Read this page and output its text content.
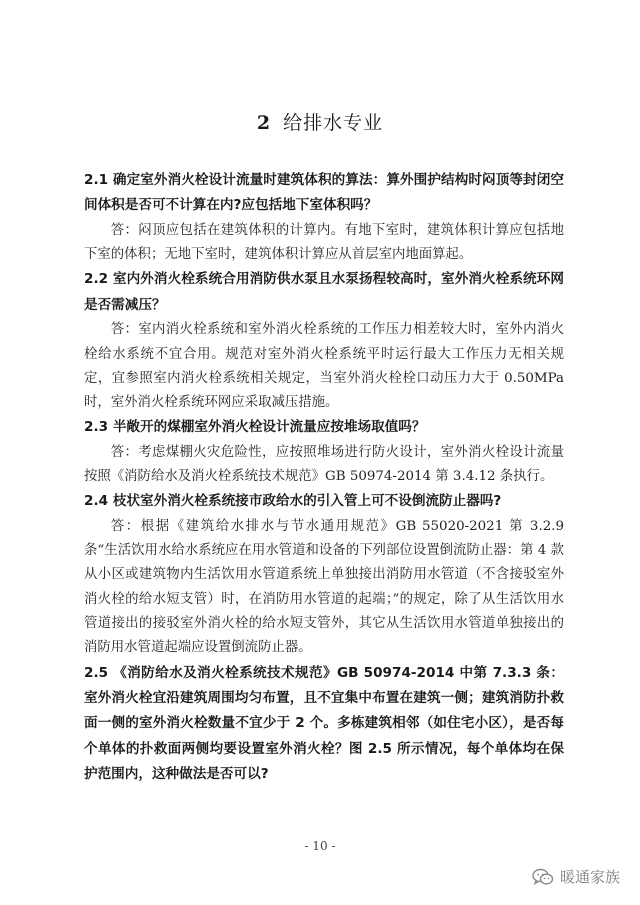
2 给排水专业

2.1 确定室外消火栓设计流量时建筑体积的算法：算外围护结构时闷顶等封闭空间体积是否可不计算在内?应包括地下室体积吗？

答：闷顶应包括在建筑体积的计算内。有地下室时，建筑体积计算应包括地下室的体积；无地下室时，建筑体积计算应从首层室内地面算起。

2.2 室内外消火栓系统合用消防供水泵且水泵扬程较高时，室外消火栓系统环网是否需减压？

答：室内消火栓系统和室外消火栓系统的工作压力相差较大时，室外内消火栓给水系统不宜合用。规范对室外消火栓系统平时运行最大工作压力无相关规定，宜参照室内消火栓系统相关规定，当室外消火栓栓口动压力大于 0.50MPa 时，室外消火栓系统环网应采取减压措施。

2.3 半敞开的煤棚室外消火栓设计流量应按堆场取值吗？

答：考虑煤棚火灾危险性，应按照堆场进行防火设计，室外消火栓设计流量按照《消防给水及消火栓系统技术规范》GB 50974-2014 第 3.4.12 条执行。

2.4 枝状室外消火栓系统接市政给水的引入管上可不设倒流防止器吗?

答：根据《建筑给水排水与节水通用规范》GB 55020-2021 第 3.2.9 条“生活饮用水给水系统应在用水管道和设备的下列部位设置倒流防止器：第 4 款 从小区或建筑物内生活饮用水管道系统上单独接出消防用水管道（不含接驳室外消火栓的给水短支管）时，在消防用水管道的起端；”的规定，除了从生活饮用水管道接出的接驳室外消火栓的给水短支管外，其它从生活饮用水管道单独接出的消防用水管道起端应设置倒流防止器。

2.5 《消防给水及消火栓系统技术规范》GB 50974-2014 中第 7.3.3 条：室外消火栓宜沿建筑周围均匀布置，且不宜集中布置在建筑一侧；建筑消防扑救面一侧的室外消火栓数量不宜少于 2 个。多栋建筑相邻（如住宅小区），是否每个单体的扑救面两侧均要设置室外消火栓？图 2.5 所示情况，每个单体均在保护范围内，这种做法是否可以?

- 10 -
暖通家族
